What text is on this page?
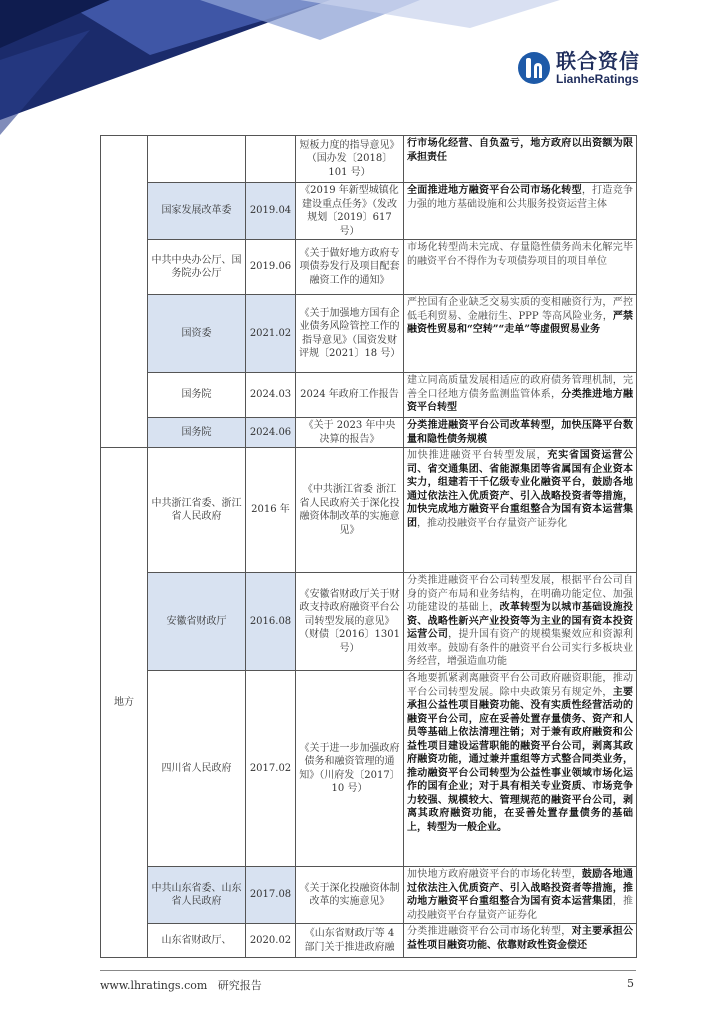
联合资信
LianheRatings
			短板力度的指导意见》（国办发〔2018〕101 号）	行市场化经营、自负盈亏，地方政府以出资额为限承担责任
	国家发展改革委	2019.04	《2019 年新型城镇化建设重点任务》（发改规划〔2019〕617 号）	全面推进地方融资平台公司市场化转型，打造竞争力强的地方基础设施和公共服务投资运营主体
	中共中央办公厅、国务院办公厅	2019.06	《关于做好地方政府专项债券发行及项目配套融资工作的通知》	市场化转型尚未完成、存量隐性债务尚未化解完毕的融资平台不得作为专项债券项目的项目单位
	国资委	2021.02	《关于加强地方国有企业债务风险管控工作的指导意见》（国资发财评规〔2021〕18 号）	严控国有企业缺乏交易实质的变相融资行为，严控低毛利贸易、金融衍生、PPP 等高风险业务，严禁融资性贸易和“空转”“走单”等虚假贸易业务
	国务院	2024.03	2024 年政府工作报告	建立同高质量发展相适应的政府债务管理机制，完善全口径地方债务监测监管体系，分类推进地方融资平台转型
	国务院	2024.06	《关于 2023 年中央决算的报告》	分类推进融资平台公司改革转型，加快压降平台数量和隐性债务规模
地方	中共浙江省委、浙江省人民政府	2016 年	《中共浙江省委 浙江省人民政府关于深化投融资体制改革的实施意见》	加快推进融资平台转型发展，充实省国资运营公司、省交通集团、省能源集团等省属国有企业资本实力，组建若干千亿级专业化融资平台，鼓励各地通过依法注入优质资产、引入战略投资者等措施，加快完成地方融资平台重组整合为国有资本运营集团，推动投融资平台存量资产证券化
	安徽省财政厅	2016.08	《安徽省财政厅关于财政支持政府融资平台公司转型发展的意见》（财债〔2016〕1301 号）	分类推进融资平台公司转型发展，根据平台公司自身的资产布局和业务结构，在明确功能定位、加强功能建设的基础上，改革转型为以城市基础设施投资、战略性新兴产业投资等为主业的国有资本投资运营公司，提升国有资产的规模集聚效应和资源利用效率。鼓励有条件的融资平台公司实行多板块业务经营，增强造血功能
	四川省人民政府	2017.02	《关于进一步加强政府债务和融资管理的通知》（川府发〔2017〕10 号）	各地要抓紧剥离融资平台公司政府融资职能，推动平台公司转型发展。除中央政策另有规定外，主要承担公益性项目融资功能、没有实质性经营活动的融资平台公司，应在妥善处置存量债务、资产和人员等基础上依法清理注销；对于兼有政府融资和公益性项目建设运营职能的融资平台公司，剥离其政府融资功能，通过兼并重组等方式整合同类业务，推动融资平台公司转型为公益性事业领域市场化运作的国有企业；对于具有相关专业资质、市场竞争力较强、规模较大、管理规范的融资平台公司，剥离其政府融资功能，在妥善处置存量债务的基础上，转型为一般企业。
	中共山东省委、山东省人民政府	2017.08	《关于深化投融资体制改革的实施意见》	加快地方政府融资平台的市场化转型，鼓励各地通过依法注入优质资产、引入战略投资者等措施，推动地方融资平台重组整合为国有资本运营集团，推动投融资平台存量资产证券化
	山东省财政厅、	2020.02	《山东省财政厅等 4 部门关于推进政府融	分类推进融资平台公司市场化转型，对主要承担公益性项目融资功能、依靠财政性资金偿还
www.lhratings.com 研究报告	5
